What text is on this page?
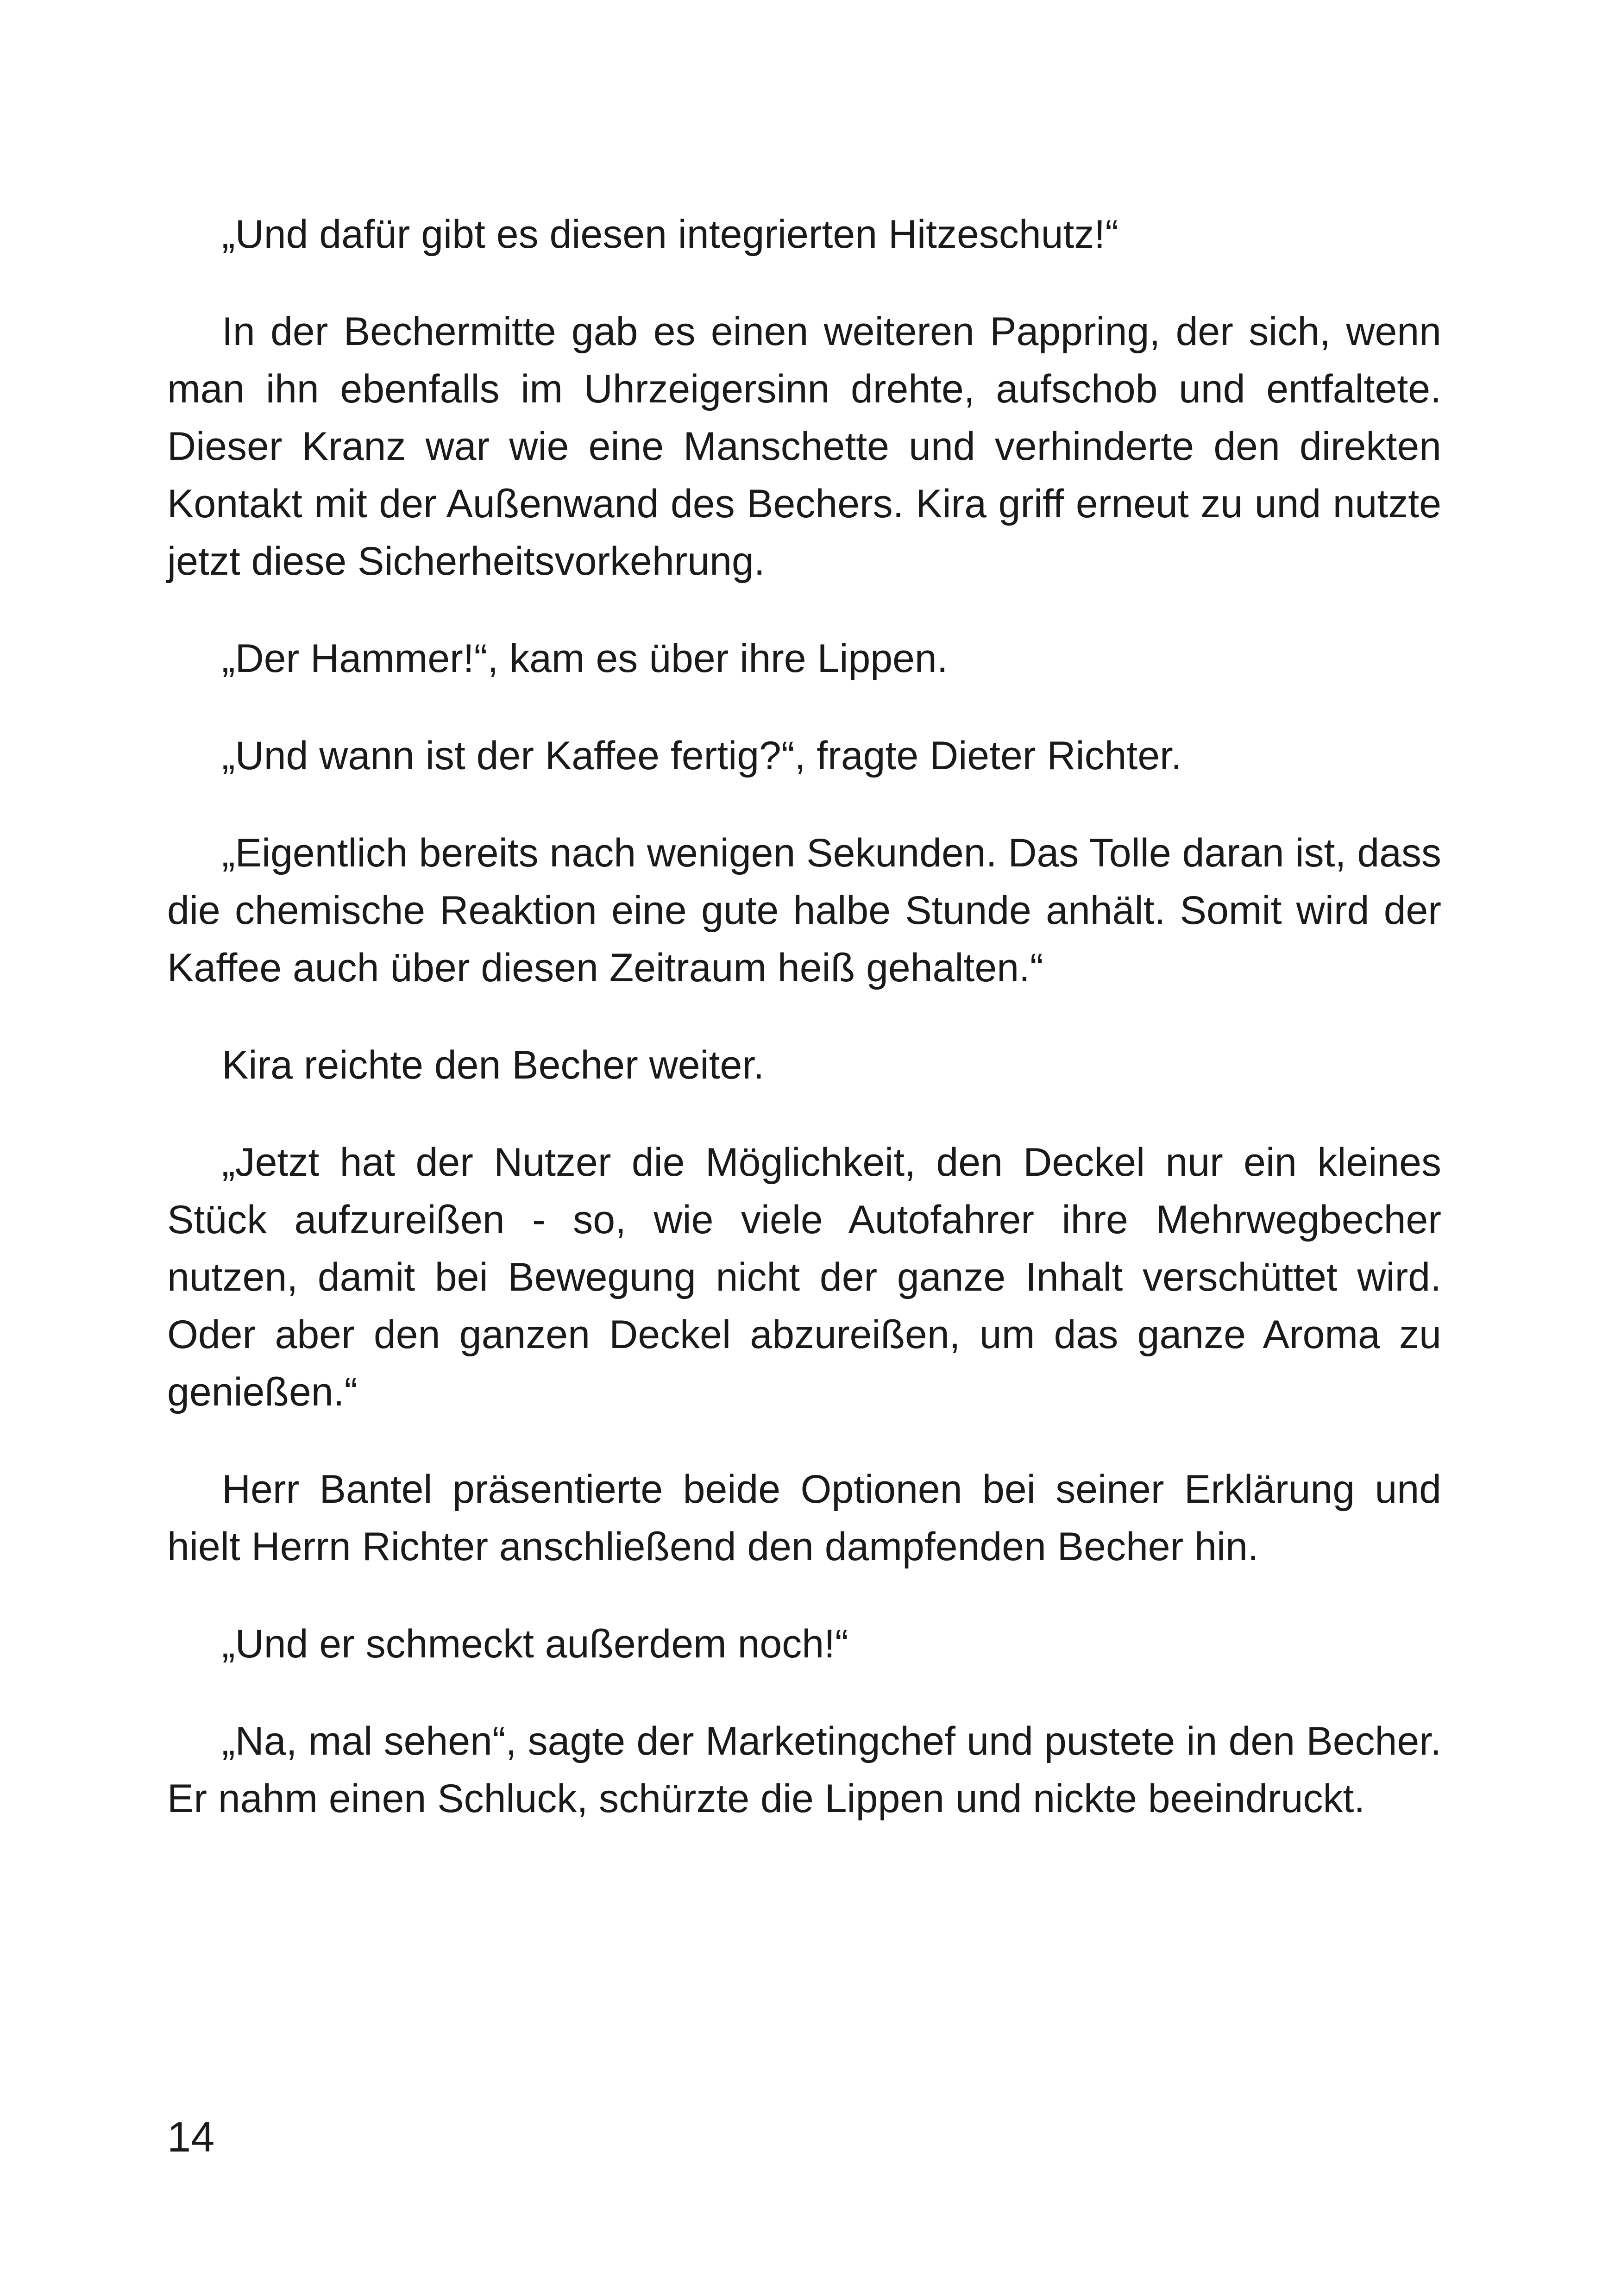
„Und dafür gibt es diesen integrierten Hitzeschutz!“

In der Bechermitte gab es einen weiteren Pappring, der sich, wenn man ihn ebenfalls im Uhrzeigersinn drehte, aufschob und entfaltete. Dieser Kranz war wie eine Manschette und verhinderte den direkten Kontakt mit der Außenwand des Bechers. Kira griff erneut zu und nutzte jetzt diese Sicherheitsvorkehrung.

„Der Hammer!“, kam es über ihre Lippen.

„Und wann ist der Kaffee fertig?“, fragte Dieter Richter.

„Eigentlich bereits nach wenigen Sekunden. Das Tolle daran ist, dass die chemische Reaktion eine gute halbe Stunde anhält. Somit wird der Kaffee auch über diesen Zeitraum heiß gehalten.“

Kira reichte den Becher weiter.

„Jetzt hat der Nutzer die Möglichkeit, den Deckel nur ein kleines Stück aufzureißen - so, wie viele Autofahrer ihre Mehrwegbecher nutzen, damit bei Bewegung nicht der ganze Inhalt verschüttet wird. Oder aber den ganzen Deckel abzureißen, um das ganze Aroma zu genießen.“

Herr Bantel präsentierte beide Optionen bei seiner Erklärung und hielt Herrn Richter anschließend den dampfenden Becher hin.

„Und er schmeckt außerdem noch!“

„Na, mal sehen“, sagte der Marketingchef und pustete in den Becher. Er nahm einen Schluck, schürzte die Lippen und nickte beeindruckt.

14
